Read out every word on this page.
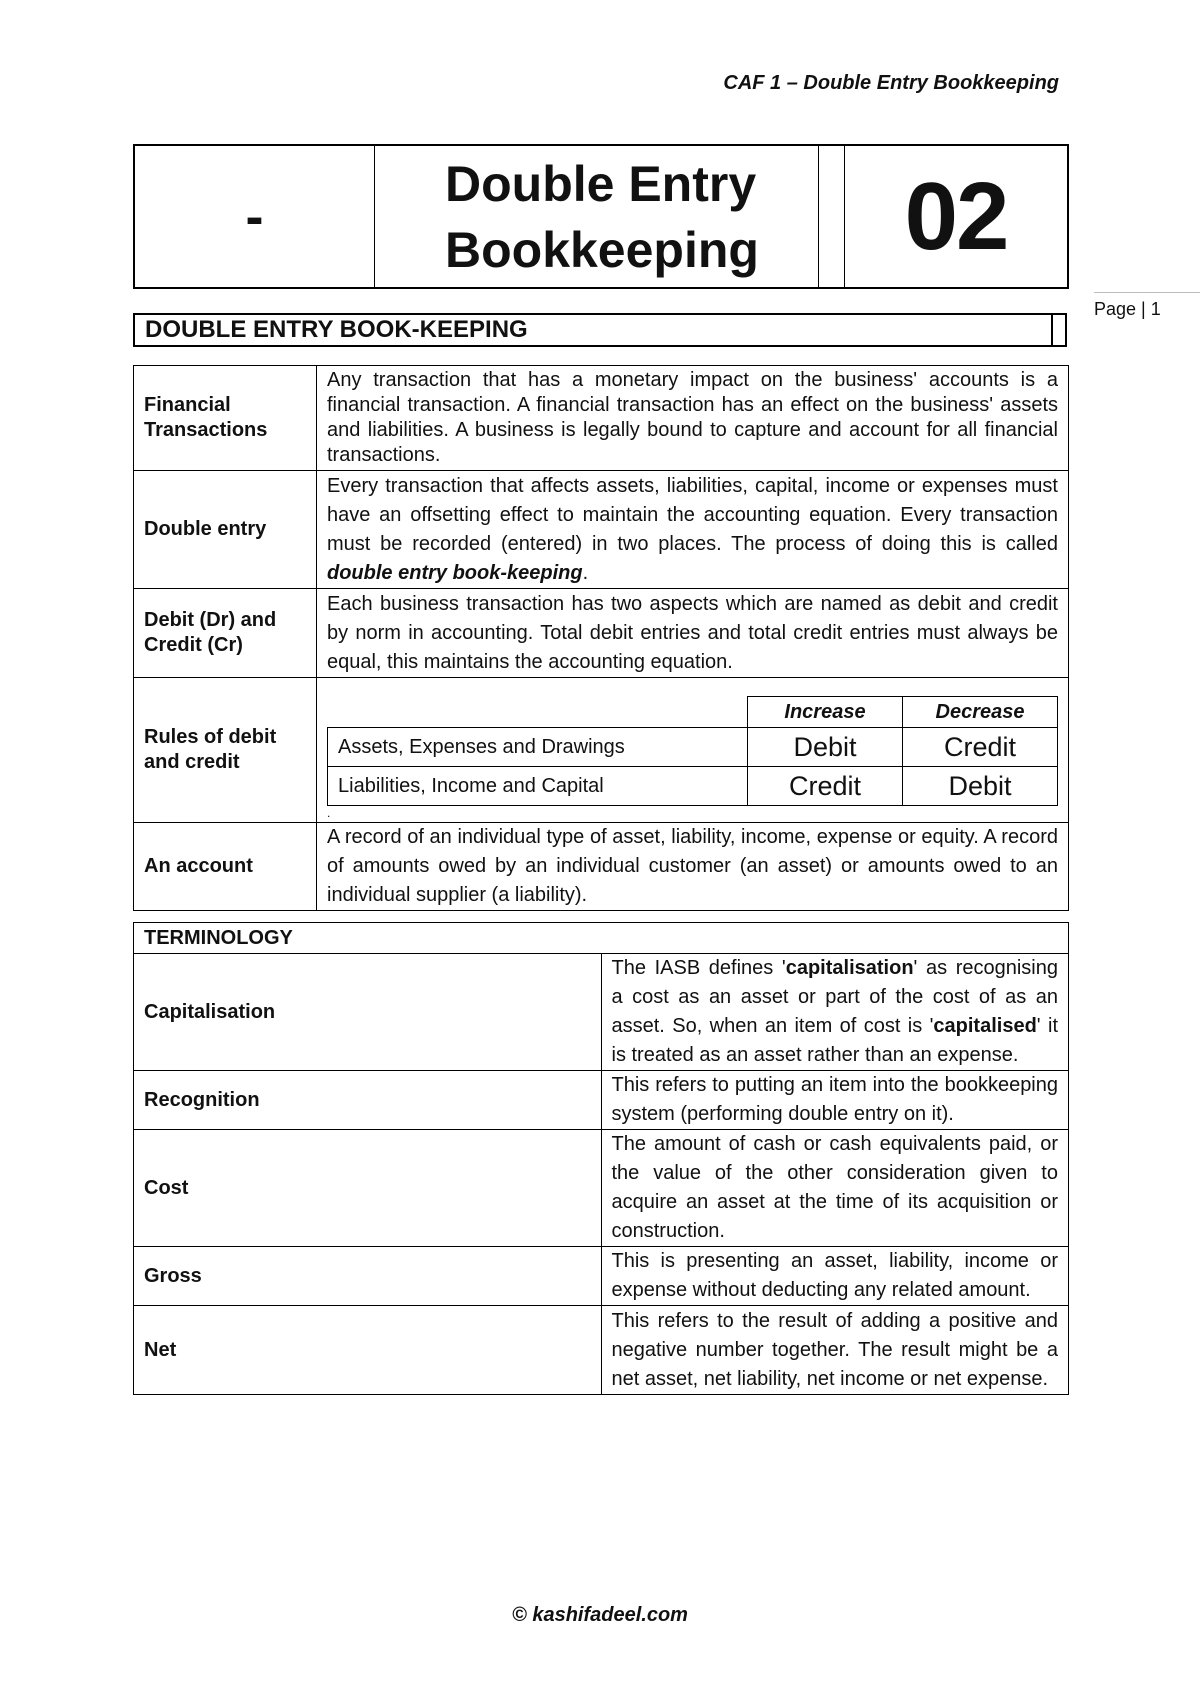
CAF 1 – Double Entry Bookkeeping
Page | 1
-
Double Entry
Bookkeeping	02
DOUBLE ENTRY BOOK-KEEPING
Financial Transactions	Any transaction that has a monetary impact on the business' accounts is a financial transaction. A financial transaction has an effect on the business' assets and liabilities. A business is legally bound to capture and account for all financial transactions.
Double entry	Every transaction that affects assets, liabilities, capital, income or expenses must have an offsetting effect to maintain the accounting equation. Every transaction must be recorded (entered) in two places. The process of doing this is called double entry book-keeping.
Debit (Dr) and Credit (Cr)	Each business transaction has two aspects which are named as debit and credit by norm in accounting. Total debit entries and total credit entries must always be equal, this maintains the accounting equation.
Rules of debit and credit	
	Increase	Decrease
Assets, Expenses and Drawings	Debit	Credit
Liabilities, Income and Capital	Credit	Debit
.

An account	A record of an individual type of asset, liability, income, expense or equity. A record of amounts owed by an individual customer (an asset) or amounts owed to an individual supplier (a liability).
TERMINOLOGY	
Capitalisation	The IASB defines 'capitalisation' as recognising a cost as an asset or part of the cost of as an asset. So, when an item of cost is 'capitalised' it is treated as an asset rather than an expense.
Recognition	This refers to putting an item into the bookkeeping system (performing double entry on it).
Cost	The amount of cash or cash equivalents paid, or the value of the other consideration given to acquire an asset at the time of its acquisition or construction.
Gross	This is presenting an asset, liability, income or expense without deducting any related amount.
Net	This refers to the result of adding a positive and negative number together. The result might be a net asset, net liability, net income or net expense.
© kashifadeel.com
